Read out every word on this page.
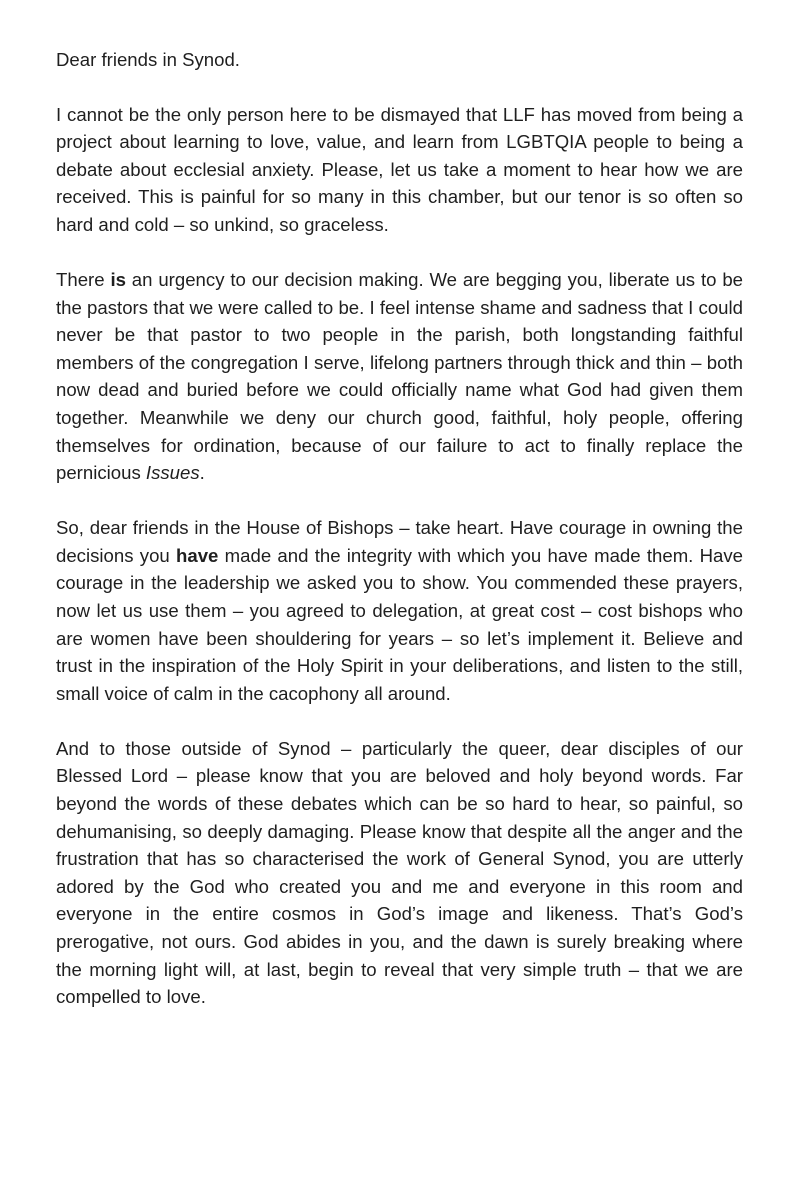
Dear friends in Synod.

I cannot be the only person here to be dismayed that LLF has moved from being a project about learning to love, value, and learn from LGBTQIA people to being a debate about ecclesial anxiety. Please, let us take a moment to hear how we are received. This is painful for so many in this chamber, but our tenor is so often so hard and cold – so unkind, so graceless.

There is an urgency to our decision making. We are begging you, liberate us to be the pastors that we were called to be. I feel intense shame and sadness that I could never be that pastor to two people in the parish, both longstanding faithful members of the congregation I serve, lifelong partners through thick and thin – both now dead and buried before we could officially name what God had given them together. Meanwhile we deny our church good, faithful, holy people, offering themselves for ordination, because of our failure to act to finally replace the pernicious Issues.

So, dear friends in the House of Bishops – take heart. Have courage in owning the decisions you have made and the integrity with which you have made them. Have courage in the leadership we asked you to show. You commended these prayers, now let us use them – you agreed to delegation, at great cost – cost bishops who are women have been shouldering for years – so let’s implement it. Believe and trust in the inspiration of the Holy Spirit in your deliberations, and listen to the still, small voice of calm in the cacophony all around.

And to those outside of Synod – particularly the queer, dear disciples of our Blessed Lord – please know that you are beloved and holy beyond words. Far beyond the words of these debates which can be so hard to hear, so painful, so dehumanising, so deeply damaging. Please know that despite all the anger and the frustration that has so characterised the work of General Synod, you are utterly adored by the God who created you and me and everyone in this room and everyone in the entire cosmos in God’s image and likeness. That’s God’s prerogative, not ours. God abides in you, and the dawn is surely breaking where the morning light will, at last, begin to reveal that very simple truth – that we are compelled to love.
